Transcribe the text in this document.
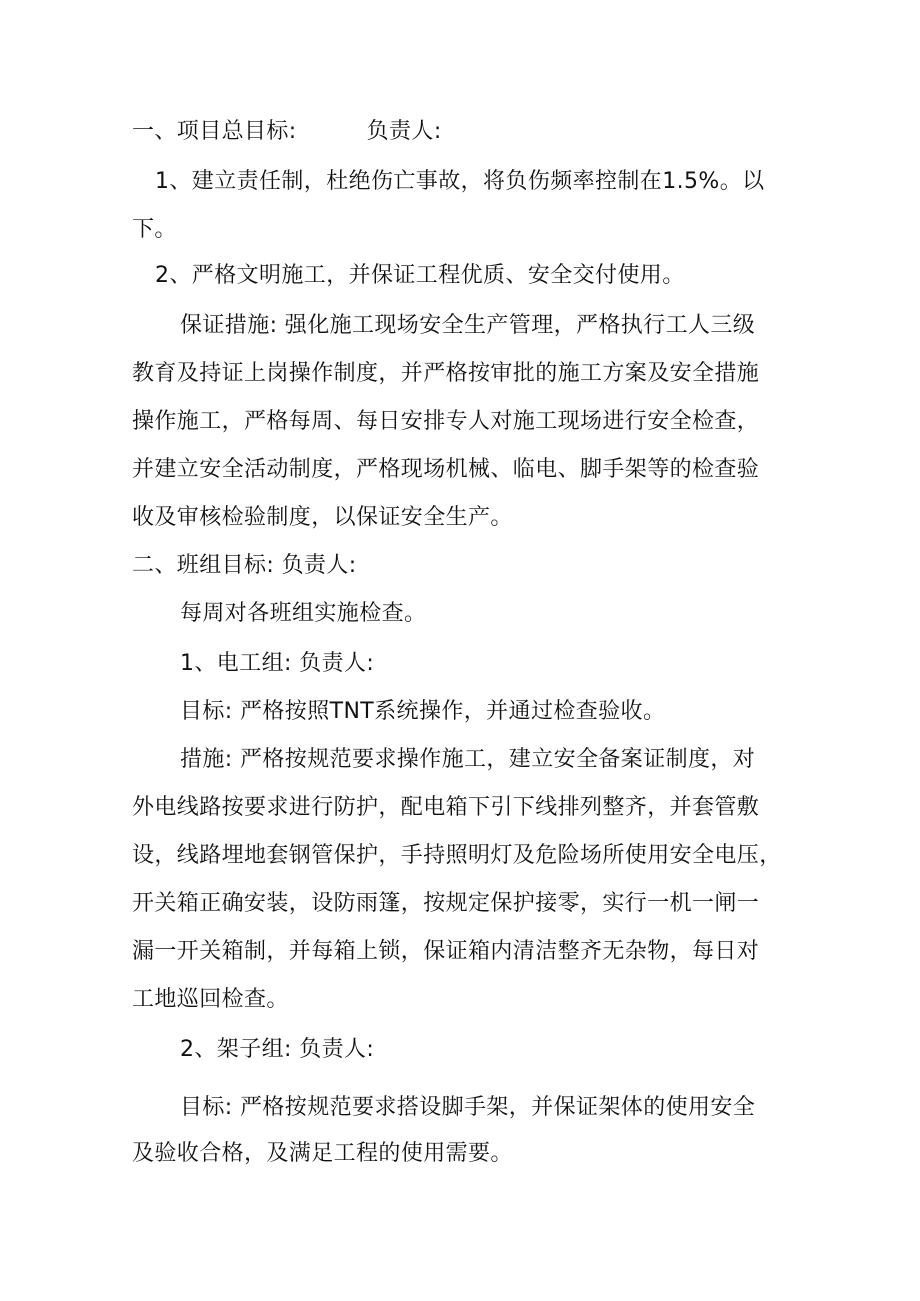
一、项目总目标:	负责人:
1、建立责任制，杜绝伤亡事故，将负伤频率控制在1.5%。以
下。
2、严格文明施工，并保证工程优质、安全交付使用。
保证措施: 强化施工现场安全生产管理，严格执行工人三级
教育及持证上岗操作制度，并严格按审批的施工方案及安全措施
操作施工，严格每周、每日安排专人对施工现场进行安全检查，
并建立安全活动制度，严格现场机械、临电、脚手架等的检查验
收及审核检验制度，以保证安全生产。
二、班组目标: 负责人:
每周对各班组实施检查。
1、电工组: 负责人:
目标: 严格按照TNT系统操作，并通过检查验收。
措施: 严格按规范要求操作施工，建立安全备案证制度，对
外电线路按要求进行防护，配电箱下引下线排列整齐，并套管敷
设，线路埋地套钢管保护，手持照明灯及危险场所使用安全电压，
开关箱正确安装，设防雨篷，按规定保护接零，实行一机一闸一
漏一开关箱制，并每箱上锁，保证箱内清洁整齐无杂物，每日对
工地巡回检查。
2、架子组: 负责人:
目标: 严格按规范要求搭设脚手架，并保证架体的使用安全
及验收合格，及满足工程的使用需要。
